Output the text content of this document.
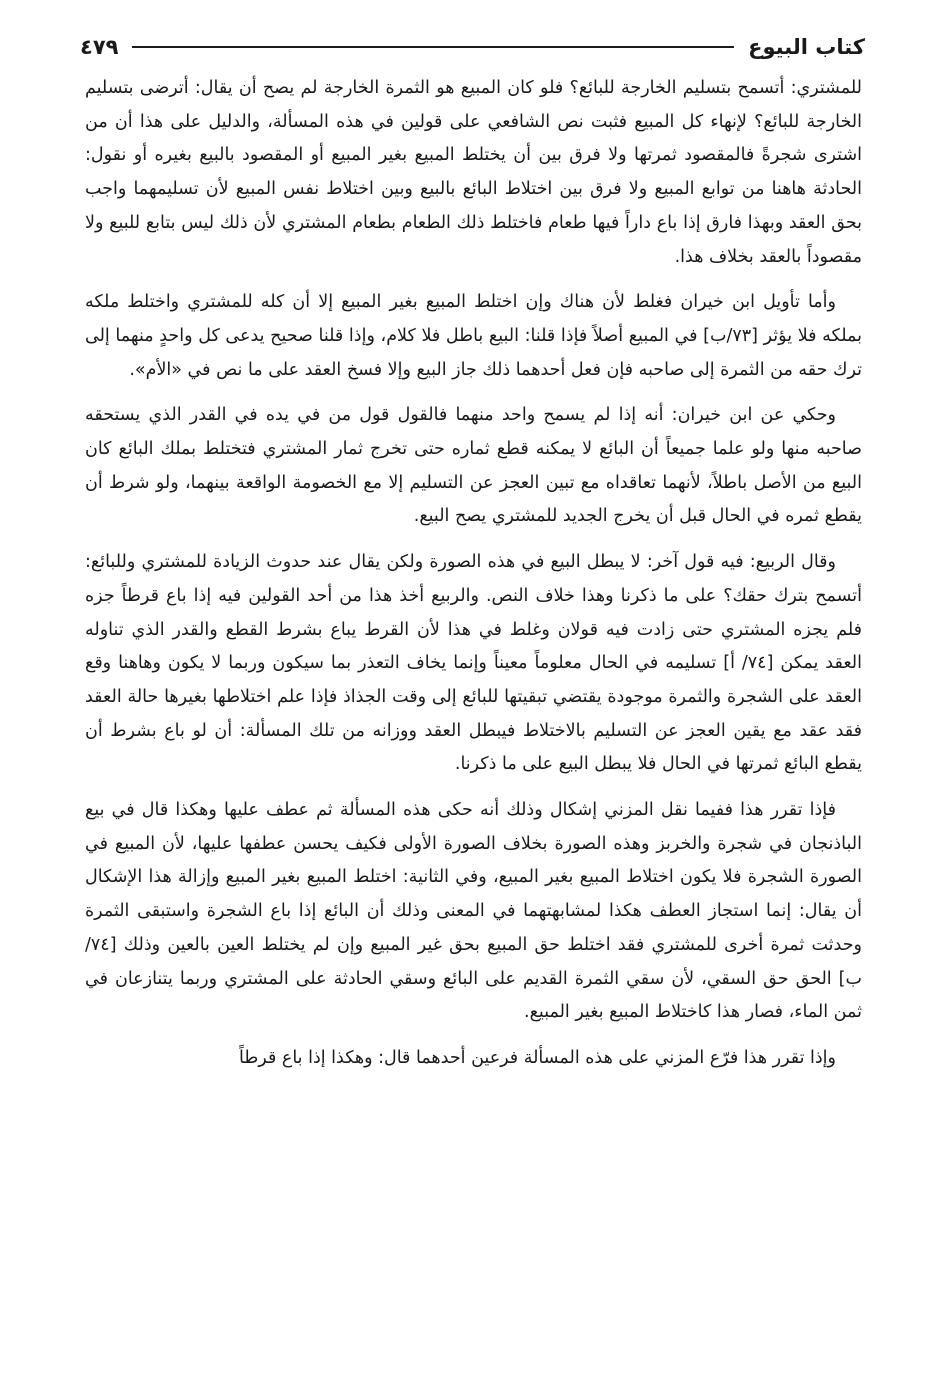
كتاب البيوع
٤٧٩

للمشتري: أتسمح بتسليم الخارجة للبائع؟ فلو كان المبيع هو الثمرة الخارجة لم يصح أن يقال: أترضى بتسليم الخارجة للبائع؟ لإنهاء كل المبيع فثبت نص الشافعي على قولين في هذه المسألة، والدليل على هذا أن من اشترى شجرةً فالمقصود ثمرتها ولا فرق بين أن يختلط المبيع بغير المبيع أو المقصود بالبيع بغيره أو نقول: الحادثة هاهنا من توابع المبيع ولا فرق بين اختلاط البائع بالبيع وبين اختلاط نفس المبيع لأن تسليمهما واجب بحق العقد وبهذا فارق إذا باع داراً فيها طعام فاختلط ذلك الطعام بطعام المشتري لأن ذلك ليس بتابع للبيع ولا مقصوداً بالعقد بخلاف هذا.

وأما تأويل ابن خيران فغلط لأن هناك وإن اختلط المبيع بغير المبيع إلا أن كله للمشتري واختلط ملكه بملكه فلا يؤثر [٧٣/ب] في المبيع أصلاً فإذا قلنا: البيع باطل فلا كلام، وإذا قلنا صحيح يدعى كل واحدٍ منهما إلى ترك حقه من الثمرة إلى صاحبه فإن فعل أحدهما ذلك جاز البيع وإلا فسخ العقد على ما نص في «الأم».

وحكي عن ابن خيران: أنه إذا لم يسمح واحد منهما فالقول قول من في يده في القدر الذي يستحقه صاحبه منها ولو علما جميعاً أن البائع لا يمكنه قطع ثماره حتى تخرج ثمار المشتري فتختلط بملك البائع كان البيع من الأصل باطلاً، لأنهما تعاقداه مع تبين العجز عن التسليم إلا مع الخصومة الواقعة بينهما، ولو شرط أن يقطع ثمره في الحال قبل أن يخرج الجديد للمشتري يصح البيع.

وقال الربيع: فيه قول آخر: لا يبطل البيع في هذه الصورة ولكن يقال عند حدوث الزيادة للمشتري وللبائع: أتسمح بترك حقك؟ على ما ذكرنا وهذا خلاف النص. والربيع أخذ هذا من أحد القولين فيه إذا باع قرطاً جزه فلم يجزه المشتري حتى زادت فيه قولان وغلط في هذا لأن القرط يباع بشرط القطع والقدر الذي تناوله العقد يمكن [٧٤/ أ] تسليمه في الحال معلوماً معيناً وإنما يخاف التعذر بما سيكون وربما لا يكون وهاهنا وقع العقد على الشجرة والثمرة موجودة يقتضي تبقيتها للبائع إلى وقت الجذاذ فإذا علم اختلاطها بغيرها حالة العقد فقد عقد مع يقين العجز عن التسليم بالاختلاط فيبطل العقد ووزانه من تلك المسألة: أن لو باع بشرط أن يقطع البائع ثمرتها في الحال فلا يبطل البيع على ما ذكرنا.

فإذا تقرر هذا ففيما نقل المزني إشكال وذلك أنه حكى هذه المسألة ثم عطف عليها وهكذا قال في بيع الباذنجان في شجرة والخربز وهذه الصورة بخلاف الصورة الأولى فكيف يحسن عطفها عليها، لأن المبيع في الصورة الشجرة فلا يكون اختلاط المبيع بغير المبيع، وفي الثانية: اختلط المبيع بغير المبيع وإزالة هذا الإشكال أن يقال: إنما استجاز العطف هكذا لمشابهتهما في المعنى وذلك أن البائع إذا باع الشجرة واستبقى الثمرة وحدثت ثمرة أخرى للمشتري فقد اختلط حق المبيع بحق غير المبيع وإن لم يختلط العين بالعين وذلك [٧٤/ ب] الحق حق السقي، لأن سقي الثمرة القديم على البائع وسقي الحادثة على المشتري وربما يتنازعان في ثمن الماء، فصار هذا كاختلاط المبيع بغير المبيع.

وإذا تقرر هذا فرّع المزني على هذه المسألة فرعين أحدهما قال: وهكذا إذا باع قرطاً
